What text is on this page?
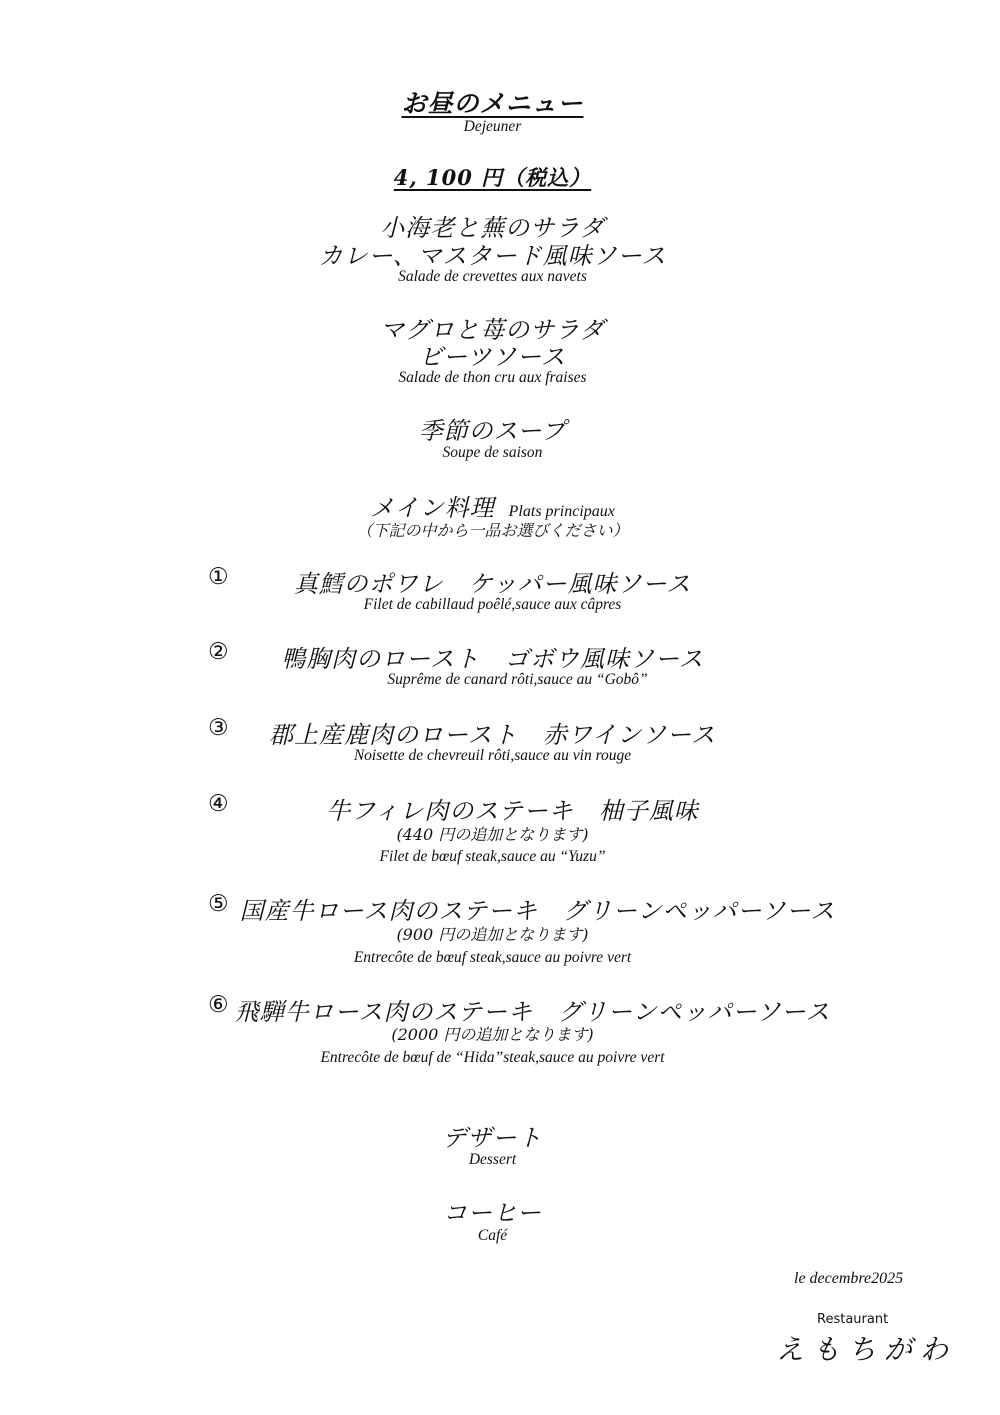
お昼のメニュー
Dejeuner
4, 100 円（税込）
小海老と蕪のサラダ
カレー、マスタード風味ソース
Salade de crevettes aux navets
マグロと苺のサラダ
ビーツソース
Salade de thon cru aux fraises
季節のスープ
Soupe de saison
メイン料理 Plats principaux
（下記の中から一品お選びください）
①	真鱈のポワレ　ケッパー風味ソース
Filet de cabillaud poêlé,sauce aux câpres
②	鴨胸肉のロースト　ゴボウ風味ソース
Suprême de canard rôti,sauce au “Gobô”
③	郡上産鹿肉のロースト　赤ワインソース
Noisette de chevreuil rôti,sauce au vin rouge
④	牛フィレ肉のステーキ　柚子風味
(440 円の追加となります)
Filet de bœuf steak,sauce au “Yuzu”
⑤ 国産牛ロース肉のステーキ　グリーンペッパーソース
(900 円の追加となります)
Entrecôte de bœuf steak,sauce au poivre vert
⑥ 飛騨牛ロース肉のステーキ　グリーンペッパーソース
(2000 円の追加となります)
Entrecôte de bœuf de “Hida”steak,sauce au poivre vert
デザート
Dessert
コーヒー
Café
le decembre2025
Restaurant
えもちがわ
